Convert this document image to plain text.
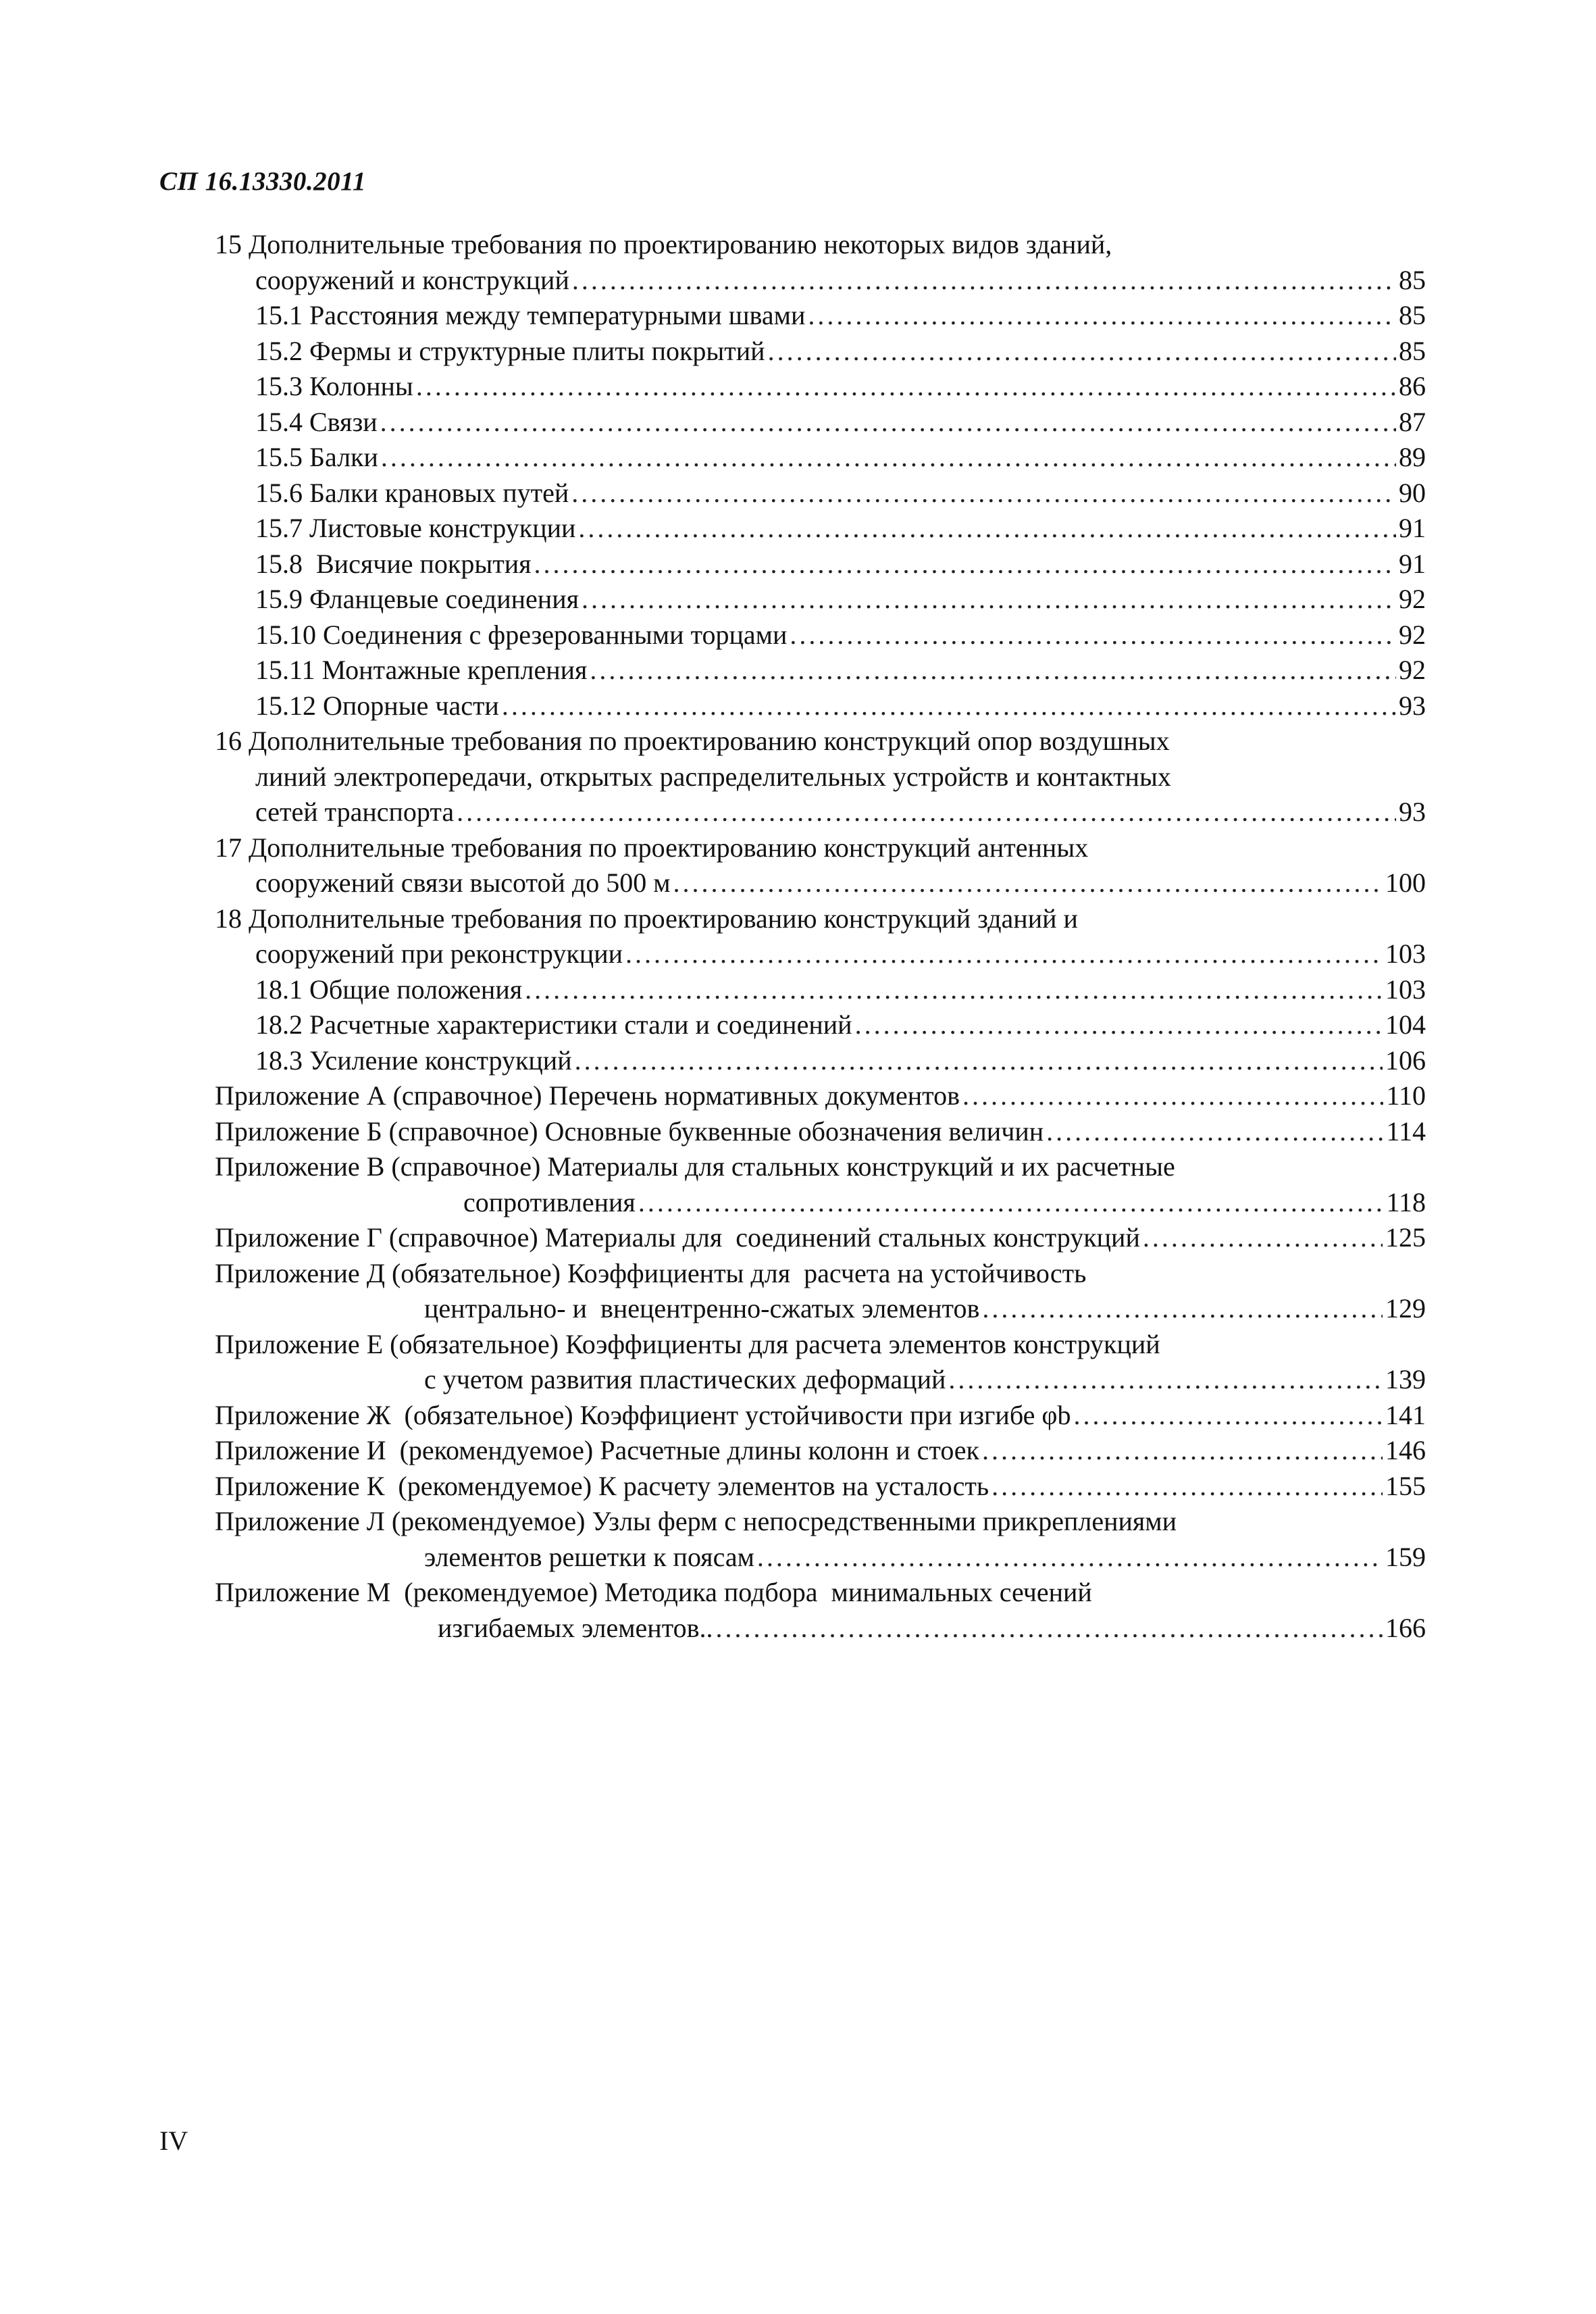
СП 16.13330.2011
15 Дополнительные требования по проектированию некоторых видов зданий,
сооружений и конструкций . . .	85
15.1 Расстояния между температурными швами . . .	85
15.2 Фермы и структурные плиты покрытий . . .	85
15.3 Колонны . . .	86
15.4 Связи . . .	87
15.5 Балки . . .	89
15.6 Балки крановых путей . . .	90
15.7 Листовые конструкции . . .	91
15.8  Висячие покрытия . . .	91
15.9 Фланцевые соединения . . .	92
15.10 Соединения с фрезерованными торцами . . .	92
15.11 Монтажные крепления . . .	92
15.12 Опорные части . . .	93
16 Дополнительные требования по проектированию конструкций опор воздушных
линий электропередачи, открытых распределительных устройств и контактных
сетей транспорта . . .	93
17 Дополнительные требования по проектированию конструкций антенных
сооружений связи высотой до 500 м . . .	100
18 Дополнительные требования по проектированию конструкций зданий и
сооружений при реконструкции . . .	103
18.1 Общие положения . . .	103
18.2 Расчетные характеристики стали и соединений . . .	104
18.3 Усиление конструкций . . .	106
Приложение А (справочное) Перечень нормативных документов . . .	110
Приложение Б (справочное) Основные буквенные обозначения величин . . .	114
Приложение В (справочное) Материалы для стальных конструкций и их расчетные
сопротивления . . .	118
Приложение Г (справочное) Материалы для  соединений стальных конструкций . . .	125
Приложение Д (обязательное) Коэффициенты для  расчета на устойчивость
центрально- и  внецентренно-сжатых элементов . . .	129
Приложение Е (обязательное) Коэффициенты для расчета элементов конструкций
с учетом развития пластических деформаций . . .	139
Приложение Ж  (обязательное) Коэффициент устойчивости при изгибе φb . . .	141
Приложение И  (рекомендуемое) Расчетные длины колонн и стоек . . .	146
Приложение К  (рекомендуемое) К расчету элементов на усталость . . .	155
Приложение Л (рекомендуемое) Узлы ферм с непосредственными прикреплениями
элементов решетки к поясам . . .	159
Приложение М  (рекомендуемое) Методика подбора  минимальных сечений
изгибаемых элементов.. . . .	166
IV
